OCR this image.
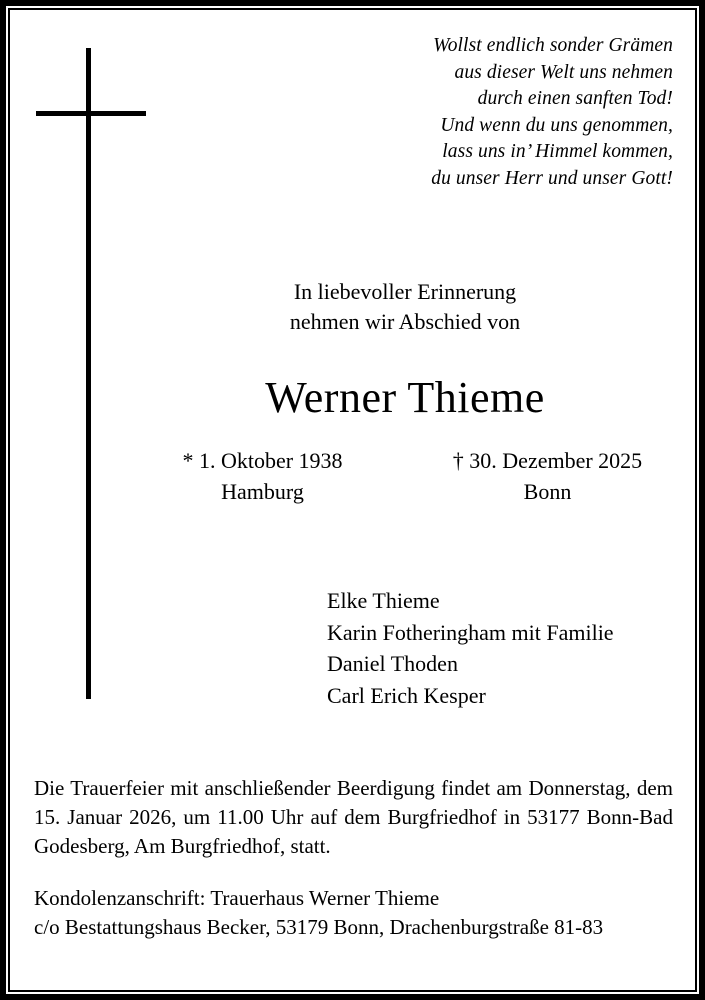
Wollst endlich sonder Grämen
aus dieser Welt uns nehmen
durch einen sanften Tod!
Und wenn du uns genommen,
lass uns in’ Himmel kommen,
du unser Herr und unser Gott!
In liebevoller Erinnerung
nehmen wir Abschied von
Werner Thieme
* 1. Oktober 1938
Hamburg
† 30. Dezember 2025
Bonn
Elke Thieme
Karin Fotheringham mit Familie
Daniel Thoden
Carl Erich Kesper
Die Trauerfeier mit anschließender Beerdigung findet am Donnerstag, dem 15. Januar 2026, um 11.00 Uhr auf dem Burgfriedhof in 53177 Bonn-Bad Godesberg, Am Burgfriedhof, statt.
Kondolenzanschrift: Trauerhaus Werner Thieme
c/o Bestattungshaus Becker, 53179 Bonn, Drachenburgstraße 81-83
